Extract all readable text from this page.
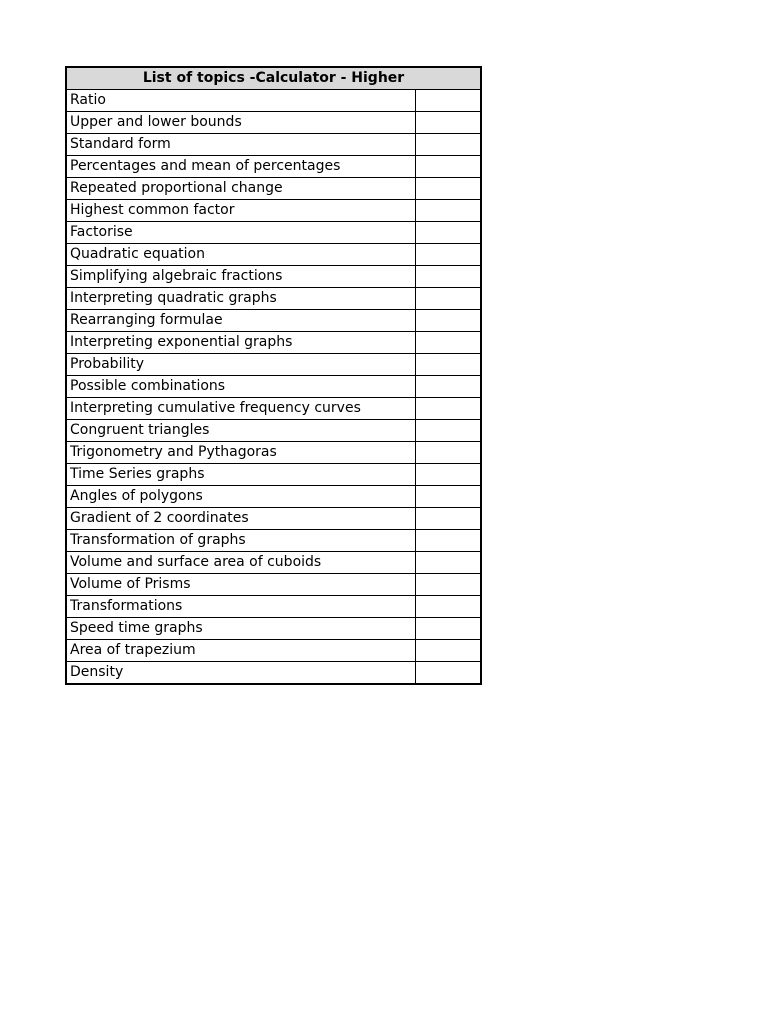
List of topics -Calculator - Higher	
Ratio	
Upper and lower bounds	
Standard form	
Percentages and mean of percentages	
Repeated proportional change	
Highest common factor	
Factorise	
Quadratic equation	
Simplifying algebraic fractions	
Interpreting quadratic graphs	
Rearranging formulae	
Interpreting exponential graphs	
Probability	
Possible combinations	
Interpreting cumulative frequency curves	
Congruent triangles	
Trigonometry and Pythagoras	
Time Series graphs	
Angles of polygons	
Gradient of 2 coordinates	
Transformation of graphs	
Volume and surface area of cuboids	
Volume of Prisms	
Transformations	
Speed time graphs	
Area of trapezium	
Density	
